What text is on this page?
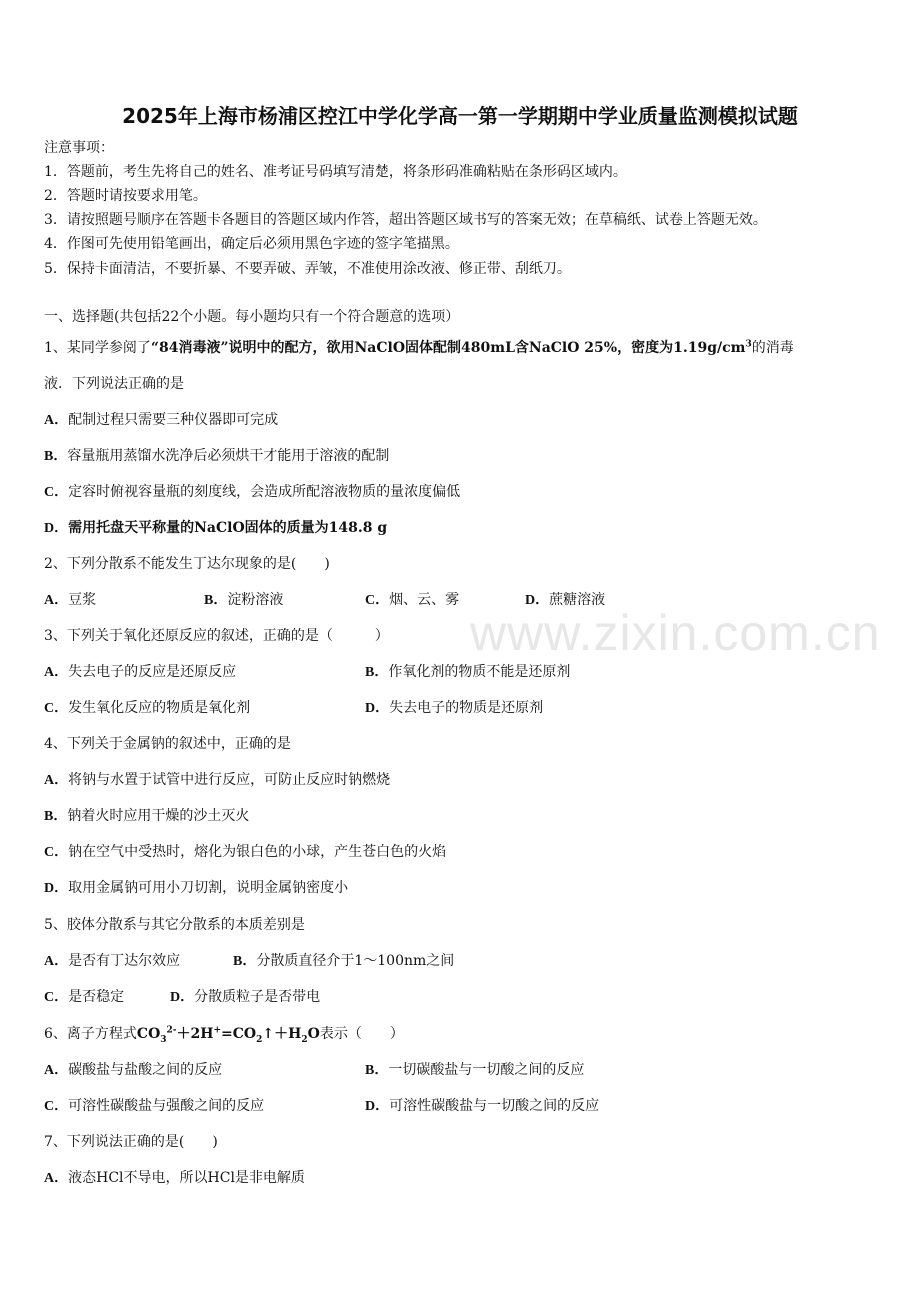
2025年上海市杨浦区控江中学化学高一第一学期期中学业质量监测模拟试题
注意事项：
1．答题前，考生先将自己的姓名、准考证号码填写清楚，将条形码准确粘贴在条形码区域内。
2．答题时请按要求用笔。
3．请按照题号顺序在答题卡各题目的答题区域内作答，超出答题区域书写的答案无效；在草稿纸、试卷上答题无效。
4．作图可先使用铅笔画出，确定后必须用黑色字迹的签字笔描黑。
5．保持卡面清洁，不要折暴、不要弄破、弄皱，不准使用涂改液、修正带、刮纸刀。
一、选择题(共包括22个小题。每小题均只有一个符合题意的选项）
1、某同学参阅了“84消毒液”说明中的配方，欲用NaClO固体配制480mL含NaClO 25%，密度为$1.19g/cm^3$的消毒
液．下列说法正确的是
A．配制过程只需要三种仪器即可完成
B．容量瓶用蒸馏水洗净后必须烘干才能用于溶液的配制
C．定容时俯视容量瓶的刻度线，会造成所配溶液物质的量浓度偏低
D．需用托盘天平称量的NaClO固体的质量为148.8 g
2、下列分散系不能发生丁达尔现象的是(　　)
A．豆浆	B．淀粉溶液	C．烟、云、雾	D．蔗糖溶液
3、下列关于氧化还原反应的叙述，正确的是（　　　）
A．失去电子的反应是还原反应	B．作氧化剂的物质不能是还原剂
C．发生氧化反应的物质是氧化剂	D．失去电子的物质是还原剂
4、下列关于金属钠的叙述中，正确的是
A．将钠与水置于试管中进行反应，可防止反应时钠燃烧
B．钠着火时应用干燥的沙土灭火
C．钠在空气中受热时，熔化为银白色的小球，产生苍白色的火焰
D．取用金属钠可用小刀切割，说明金属钠密度小
5、胶体分散系与其它分散系的本质差别是
A．是否有丁达尔效应	B．分散质直径介于1～100nm之间
C．是否稳定	D．分散质粒子是否带电
6、离子方程式$CO_3^{2-}+2H^+=CO_2↑+H_2O$表示（　　）
A．碳酸盐与盐酸之间的反应	B．一切碳酸盐与一切酸之间的反应
C．可溶性碳酸盐与强酸之间的反应	D．可溶性碳酸盐与一切酸之间的反应
7、下列说法正确的是(　　)
A．液态HCl不导电，所以HCl是非电解质
www.zixin.com.cn
